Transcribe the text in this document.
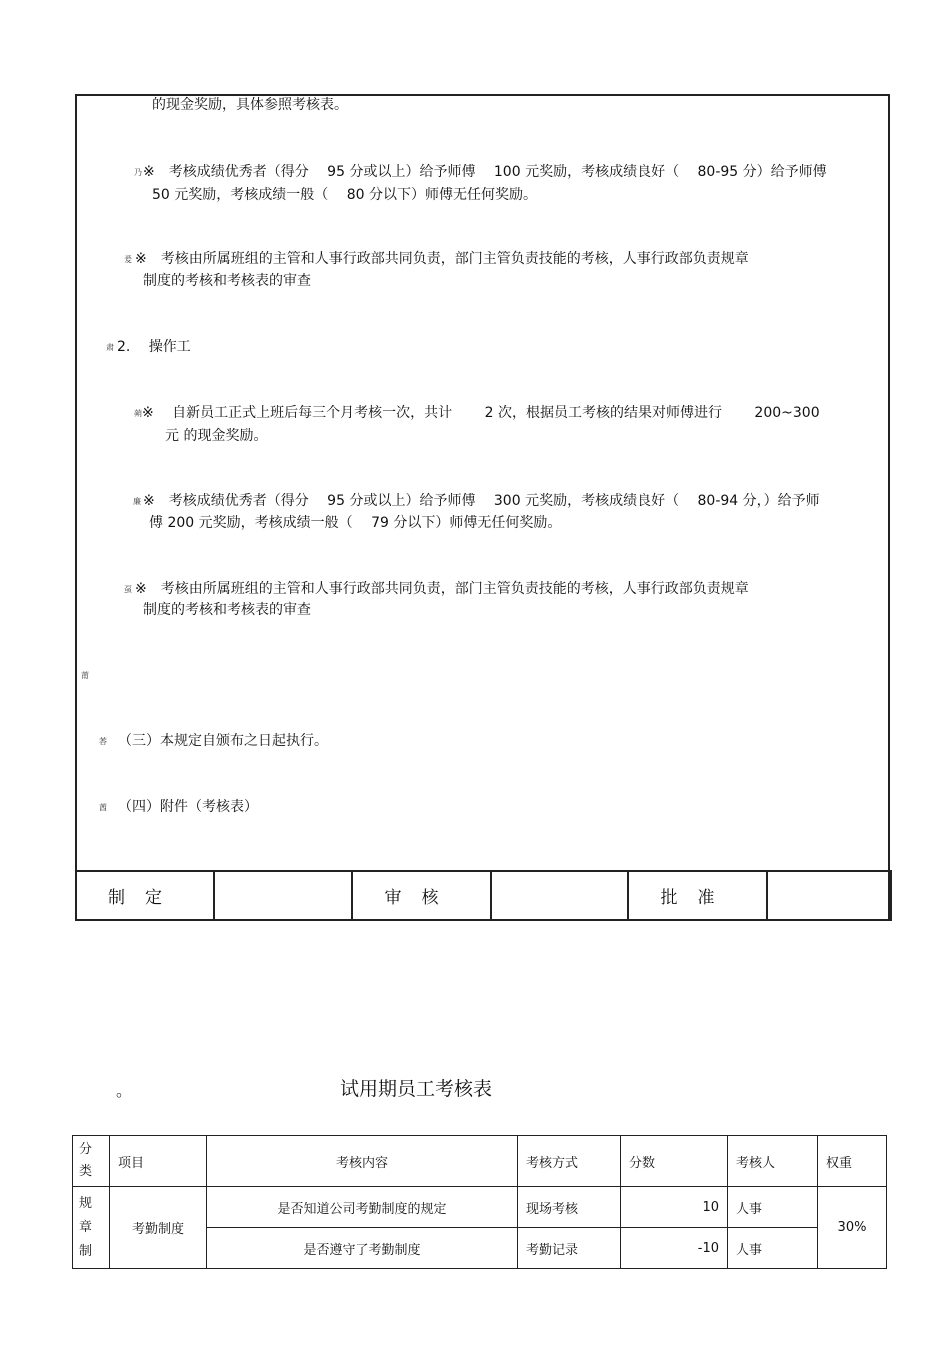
的现金奖励，具体参照考核表。
乃 ※　考核成绩优秀者（得分　 95 分或以上）给予师傅　 100 元奖励，考核成绩良好（　 80-95 分）给予师傅
50 元奖励，考核成绩一般（　 80 分以下）师傅无任何奖励。
爰 ※　考核由所属班组的主管和人事行政部共同负责，部门主管负责技能的考核，人事行政部负责规章
制度的考核和考核表的审查
肃 2.　 操作工
蒴 ※　 自新员工正式上班后每三个月考核一次，共计　　 2 次，根据员工考核的结果对师傅进行　　 200~300
元 的现金奖励。
廉 ※　考核成绩优秀者（得分　 95 分或以上）给予师傅　 300 元奖励，考核成绩良好（　 80-94 分，）给予师
傅 200 元奖励，考核成绩一般（　 79 分以下）师傅无任何奖励。
虿 ※　考核由所属班组的主管和人事行政部共同负责，部门主管负责技能的考核，人事行政部负责规章
制度的考核和考核表的审查
莆
莕 （三）本规定自颁布之日起执行。
莤 （四）附件（考核表）
制定		审核		批准	
。	试用期员工考核表
分类	项目	考核内容	考核方式	分数	考核人	权重
规章制	考勤制度	是否知道公司考勤制度的规定	现场考核	10	人事	30%
		是否遵守了考勤制度	考勤记录	-10	人事	
